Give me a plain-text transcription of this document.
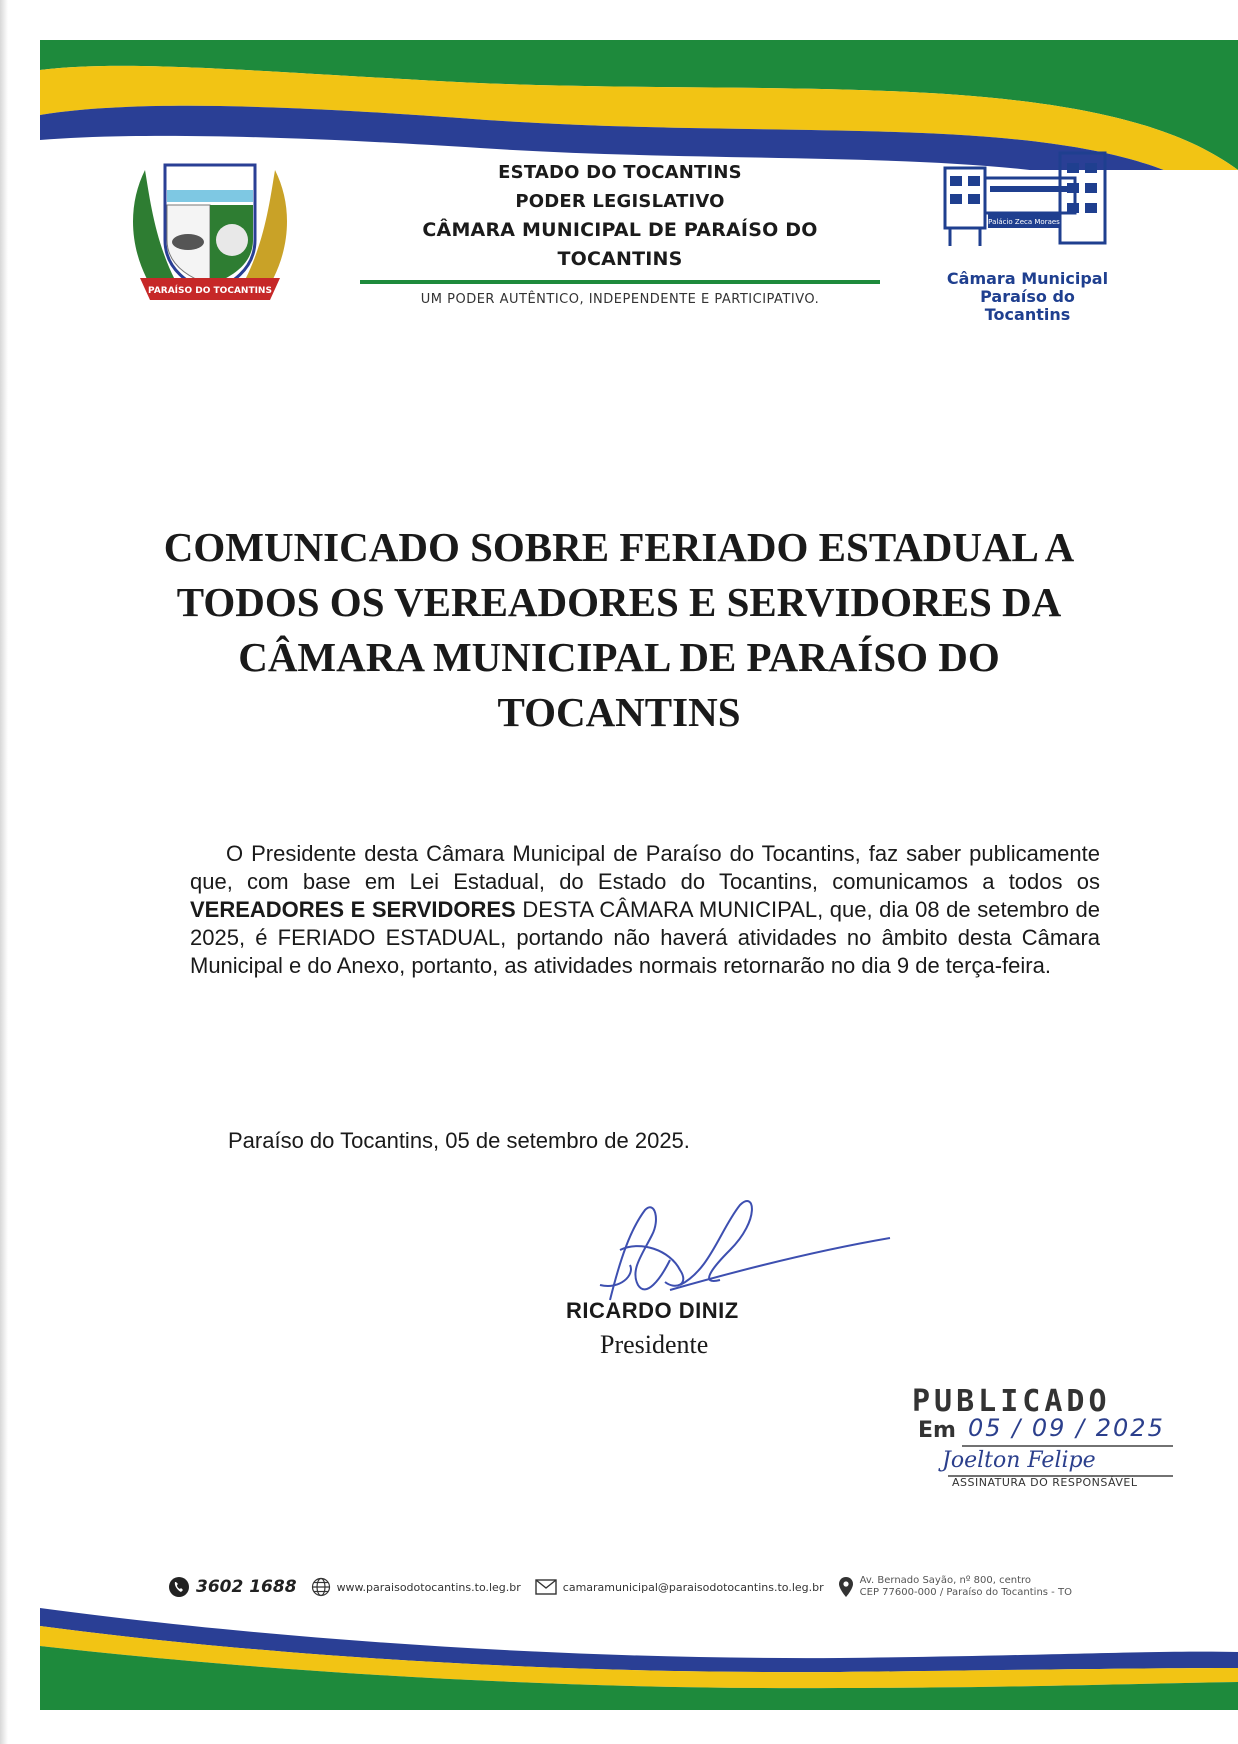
PARAÍSO DO TOCANTINS
ESTADO DO TOCANTINS
PODER LEGISLATIVO
CÂMARA MUNICIPAL DE PARAÍSO DO TOCANTINS
UM PODER AUTÊNTICO, INDEPENDENTE E PARTICIPATIVO.
Palácio Zeca Moraes
Câmara Municipal
Paraíso do Tocantins
COMUNICADO SOBRE FERIADO ESTADUAL A TODOS OS VEREADORES E SERVIDORES DA CÂMARA MUNICIPAL DE PARAÍSO DO TOCANTINS
O Presidente desta Câmara Municipal de Paraíso do Tocantins, faz saber publicamente que, com base em Lei Estadual, do Estado do Tocantins, comunicamos a todos os VEREADORES E SERVIDORES DESTA CÂMARA MUNICIPAL, que, dia 08 de setembro de 2025, é FERIADO ESTADUAL, portando não haverá atividades no âmbito desta Câmara Municipal e do Anexo, portanto, as atividades normais retornarão no dia 9 de terça-feira.
Paraíso do Tocantins, 05 de setembro de 2025.
RICARDO DINIZ
Presidente
PUBLICADO
Em 05 / 09 / 2025
Joelton Felipe
ASSINATURA DO RESPONSÁVEL
3602 1688	www.paraisodotocantins.to.leg.br	camaramunicipal@paraisodotocantins.to.leg.br	Av. Bernado Sayão, nº 800, centro
CEP 77600-000 / Paraíso do Tocantins - TO
